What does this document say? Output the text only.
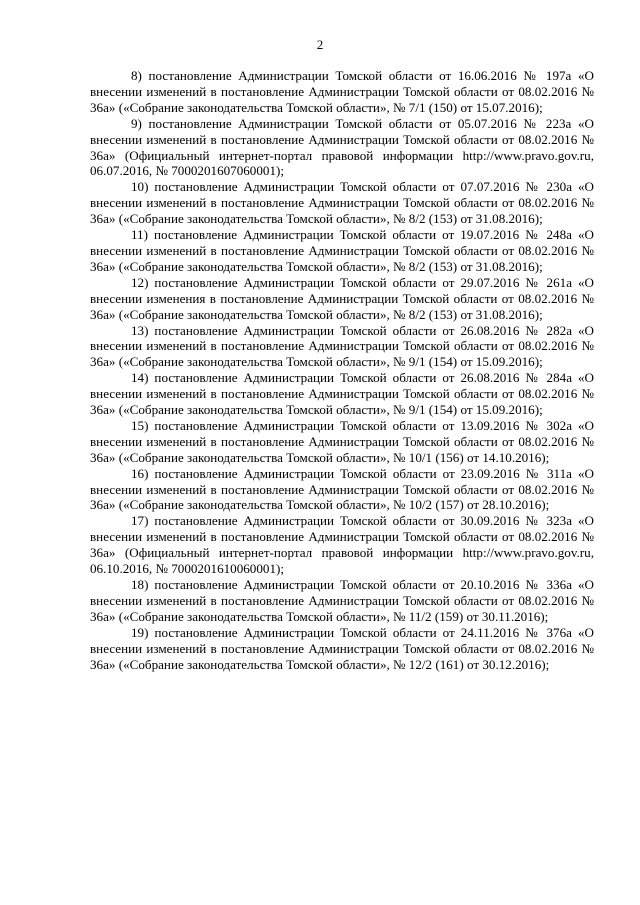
2

8) постановление Администрации Томской области от 16.06.2016 № 197а «О внесении изменений в постановление Администрации Томской области от 08.02.2016 № 36а» («Собрание законодательства Томской области», № 7/1 (150) от 15.07.2016);

9) постановление Администрации Томской области от 05.07.2016 № 223а «О внесении изменений в постановление Администрации Томской области от 08.02.2016 № 36а» (Официальный интернет-портал правовой информации http://www.pravo.gov.ru, 06.07.2016, № 7000201607060001);

10) постановление Администрации Томской области от 07.07.2016 № 230а «О внесении изменений в постановление Администрации Томской области от 08.02.2016 № 36а» («Собрание законодательства Томской области», № 8/2 (153) от 31.08.2016);

11) постановление Администрации Томской области от 19.07.2016 № 248а «О внесении изменений в постановление Администрации Томской области от 08.02.2016 № 36а» («Собрание законодательства Томской области», № 8/2 (153) от 31.08.2016);

12) постановление Администрации Томской области от 29.07.2016 № 261а «О внесении изменения в постановление Администрации Томской области от 08.02.2016 № 36а» («Собрание законодательства Томской области», № 8/2 (153) от 31.08.2016);

13) постановление Администрации Томской области от 26.08.2016 № 282а «О внесении изменений в постановление Администрации Томской области от 08.02.2016 № 36а» («Собрание законодательства Томской области», № 9/1 (154) от 15.09.2016);

14) постановление Администрации Томской области от 26.08.2016 № 284а «О внесении изменений в постановление Администрации Томской области от 08.02.2016 № 36а» («Собрание законодательства Томской области», № 9/1 (154) от 15.09.2016);

15) постановление Администрации Томской области от 13.09.2016 № 302а «О внесении изменений в постановление Администрации Томской области от 08.02.2016 № 36а» («Собрание законодательства Томской области», № 10/1 (156) от 14.10.2016);

16) постановление Администрации Томской области от 23.09.2016 № 311а «О внесении изменений в постановление Администрации Томской области от 08.02.2016 № 36а» («Собрание законодательства Томской области», № 10/2 (157) от 28.10.2016);

17) постановление Администрации Томской области от 30.09.2016 № 323а «О внесении изменений в постановление Администрации Томской области от 08.02.2016 № 36а» (Официальный интернет-портал правовой информации http://www.pravo.gov.ru, 06.10.2016, № 7000201610060001);

18) постановление Администрации Томской области от 20.10.2016 № 336а «О внесении изменений в постановление Администрации Томской области от 08.02.2016 № 36а» («Собрание законодательства Томской области», № 11/2 (159) от 30.11.2016);

19) постановление Администрации Томской области от 24.11.2016 № 376а «О внесении изменений в постановление Администрации Томской области от 08.02.2016 № 36а» («Собрание законодательства Томской области», № 12/2 (161) от 30.12.2016);
